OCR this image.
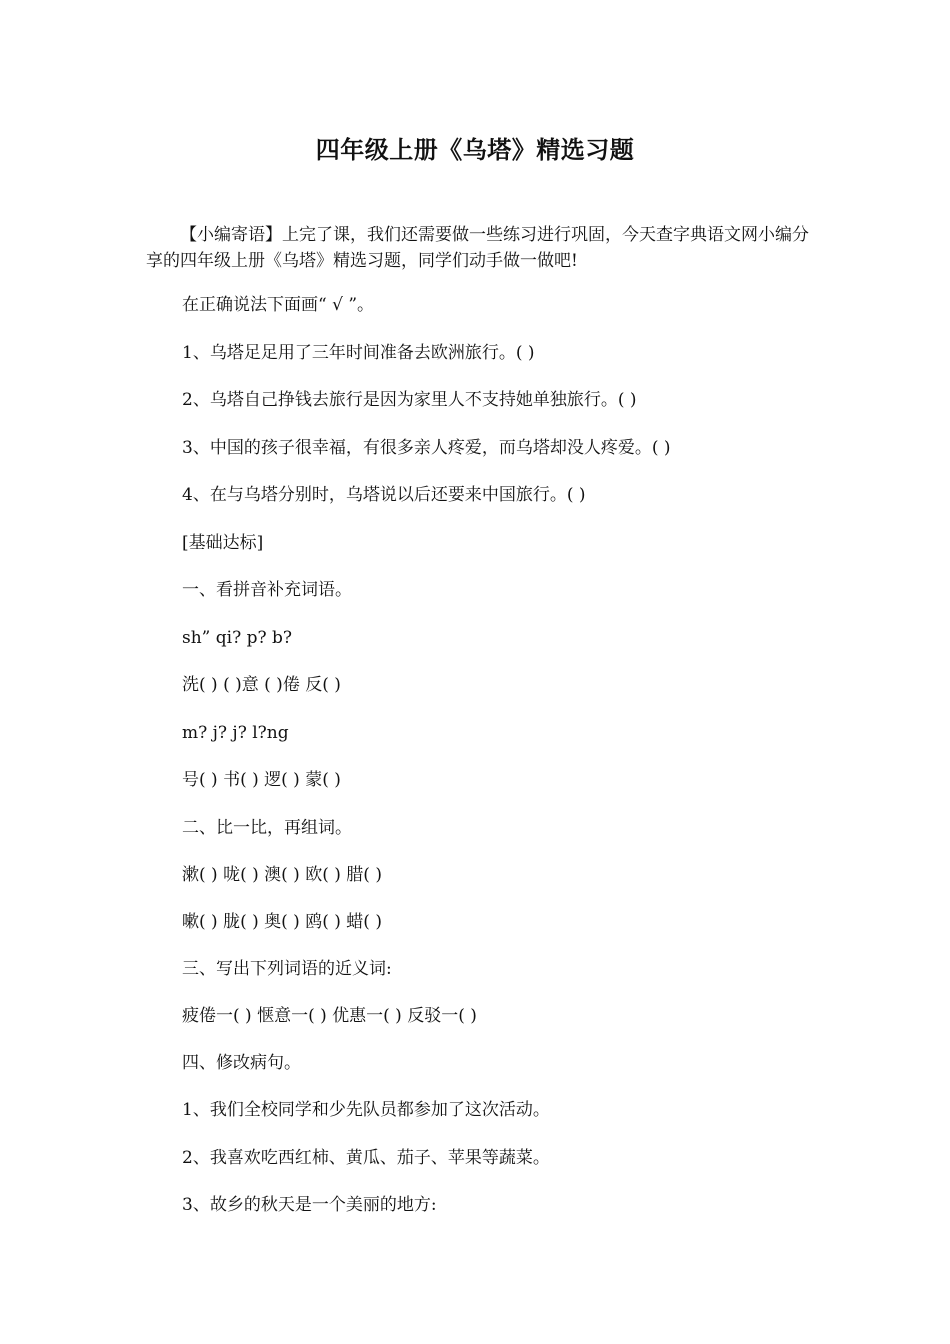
四年级上册《乌塔》精选习题
【小编寄语】上完了课，我们还需要做一些练习进行巩固，今天查字典语文网小编分享的四年级上册《乌塔》精选习题，同学们动手做一做吧!
在正确说法下面画“ √ ”。
1、乌塔足足用了三年时间准备去欧洲旅行。( )
2、乌塔自己挣钱去旅行是因为家里人不支持她单独旅行。( )
3、中国的孩子很幸福，有很多亲人疼爱，而乌塔却没人疼爱。( )
4、在与乌塔分别时，乌塔说以后还要来中国旅行。( )
[基础达标]
一、看拼音补充词语。
sh” qi? p? b?
洗( ) ( )意 ( )倦 反( )
m? j? j? l?ng
号( ) 书( ) 逻( ) 蒙( )
二、比一比，再组词。
漱( ) 咙( ) 澳( ) 欧( ) 腊( )
嗽( ) 胧( ) 奥( ) 鸥( ) 蜡( )
三、写出下列词语的近义词:
疲倦一( ) 惬意一( ) 优惠一( ) 反驳一( )
四、修改病句。
1、我们全校同学和少先队员都参加了这次活动。
2、我喜欢吃西红柿、黄瓜、茄子、苹果等蔬菜。
3、故乡的秋天是一个美丽的地方:
